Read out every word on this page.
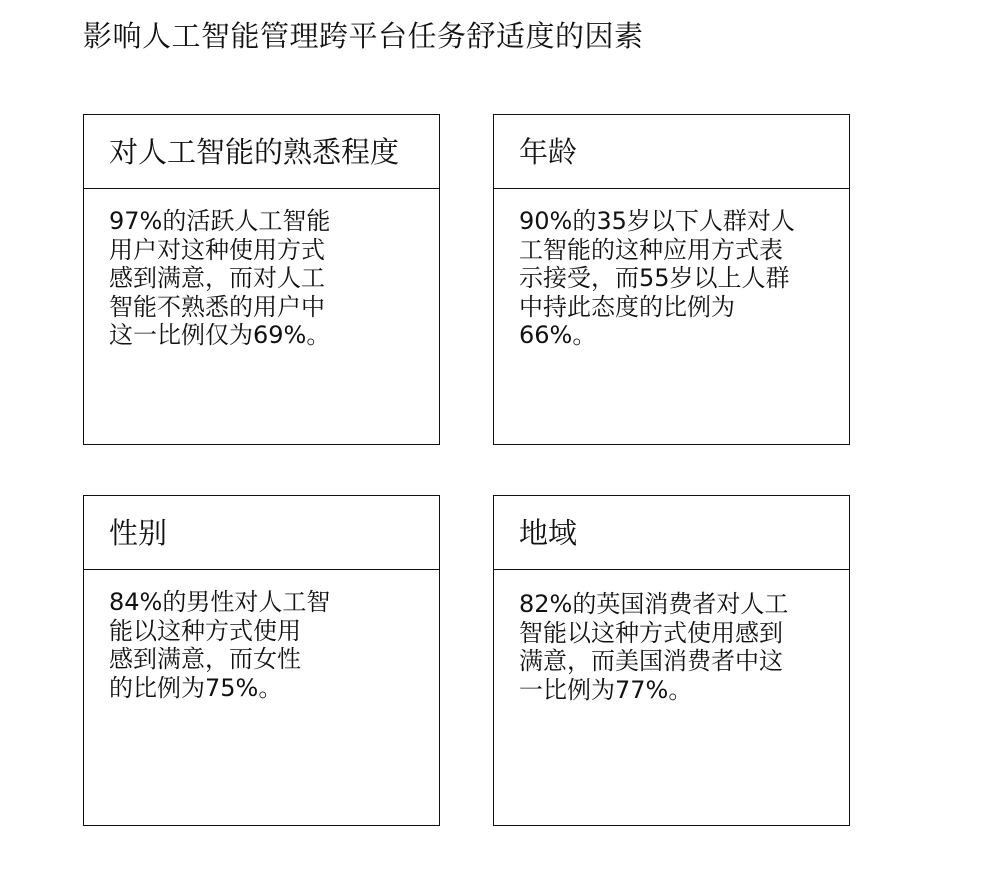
影响人工智能管理跨平台任务舒适度的因素
对人工智能的熟悉程度

97%的活跃人工智能
用户对这种使用方式
感到满意，而对人工
智能不熟悉的用户中
这一比例仅为69%。

年龄

90%的35岁以下人群对人
工智能的这种应用方式表
示接受，而55岁以上人群
中持此态度的比例为
66%。

性别

84%的男性对人工智
能以这种方式使用
感到满意，而女性
的比例为75%。

地域

82%的英国消费者对人工
智能以这种方式使用感到
满意，而美国消费者中这
一比例为77%。
